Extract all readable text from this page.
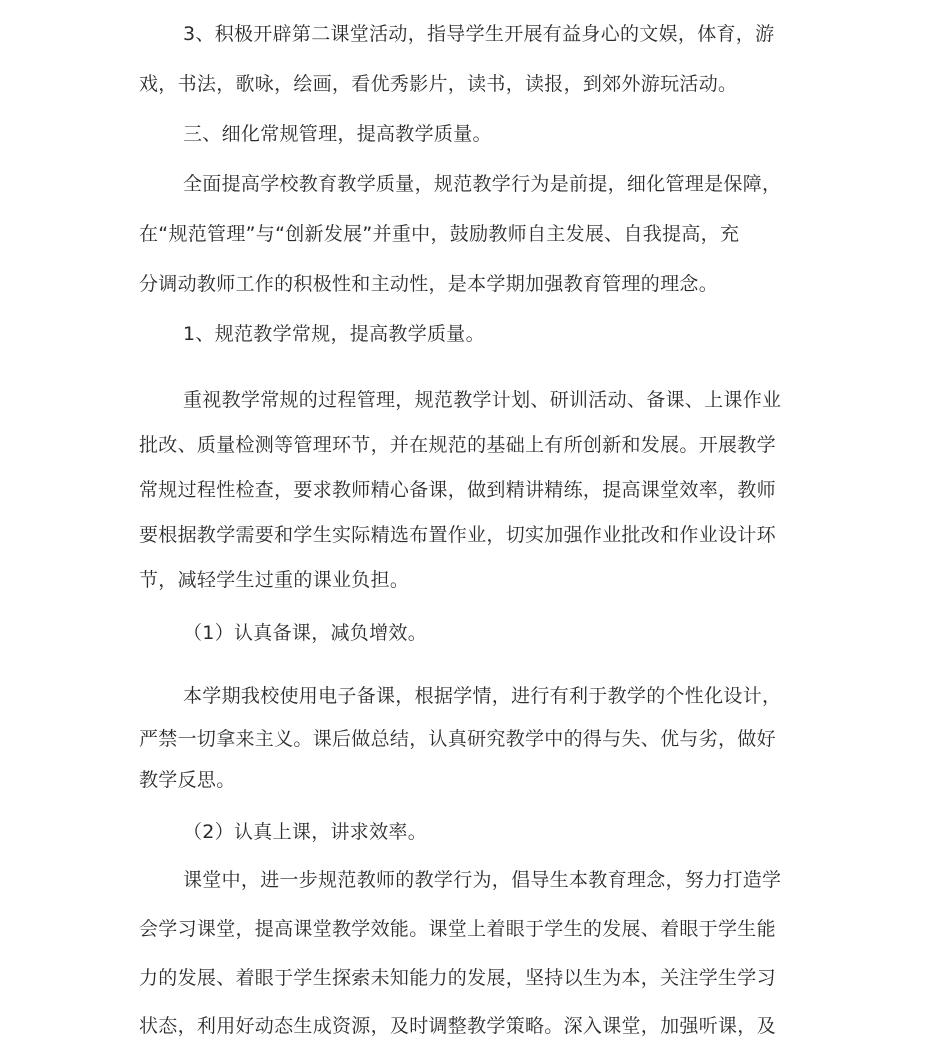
3、积极开辟第二课堂活动，指导学生开展有益身心的文娱，体育，游
戏，书法，歌咏，绘画，看优秀影片，读书，读报，到郊外游玩活动。
三、细化常规管理，提高教学质量。
全面提高学校教育教学质量，规范教学行为是前提，细化管理是保障，
在“规范管理”与“创新发展”并重中，鼓励教师自主发展、自我提高，充
分调动教师工作的积极性和主动性，是本学期加强教育管理的理念。
1、规范教学常规，提高教学质量。
重视教学常规的过程管理，规范教学计划、研训活动、备课、上课作业
批改、质量检测等管理环节，并在规范的基础上有所创新和发展。开展教学
常规过程性检查，要求教师精心备课，做到精讲精练，提高课堂效率，教师
要根据教学需要和学生实际精选布置作业，切实加强作业批改和作业设计环
节，减轻学生过重的课业负担。
（1）认真备课，减负增效。
本学期我校使用电子备课，根据学情，进行有利于教学的个性化设计，
严禁一切拿来主义。课后做总结，认真研究教学中的得与失、优与劣，做好
教学反思。
（2）认真上课，讲求效率。
课堂中，进一步规范教师的教学行为，倡导生本教育理念，努力打造学
会学习课堂，提高课堂教学效能。课堂上着眼于学生的发展、着眼于学生能
力的发展、着眼于学生探索未知能力的发展，坚持以生为本，关注学生学习
状态，利用好动态生成资源，及时调整教学策略。深入课堂，加强听课，及
